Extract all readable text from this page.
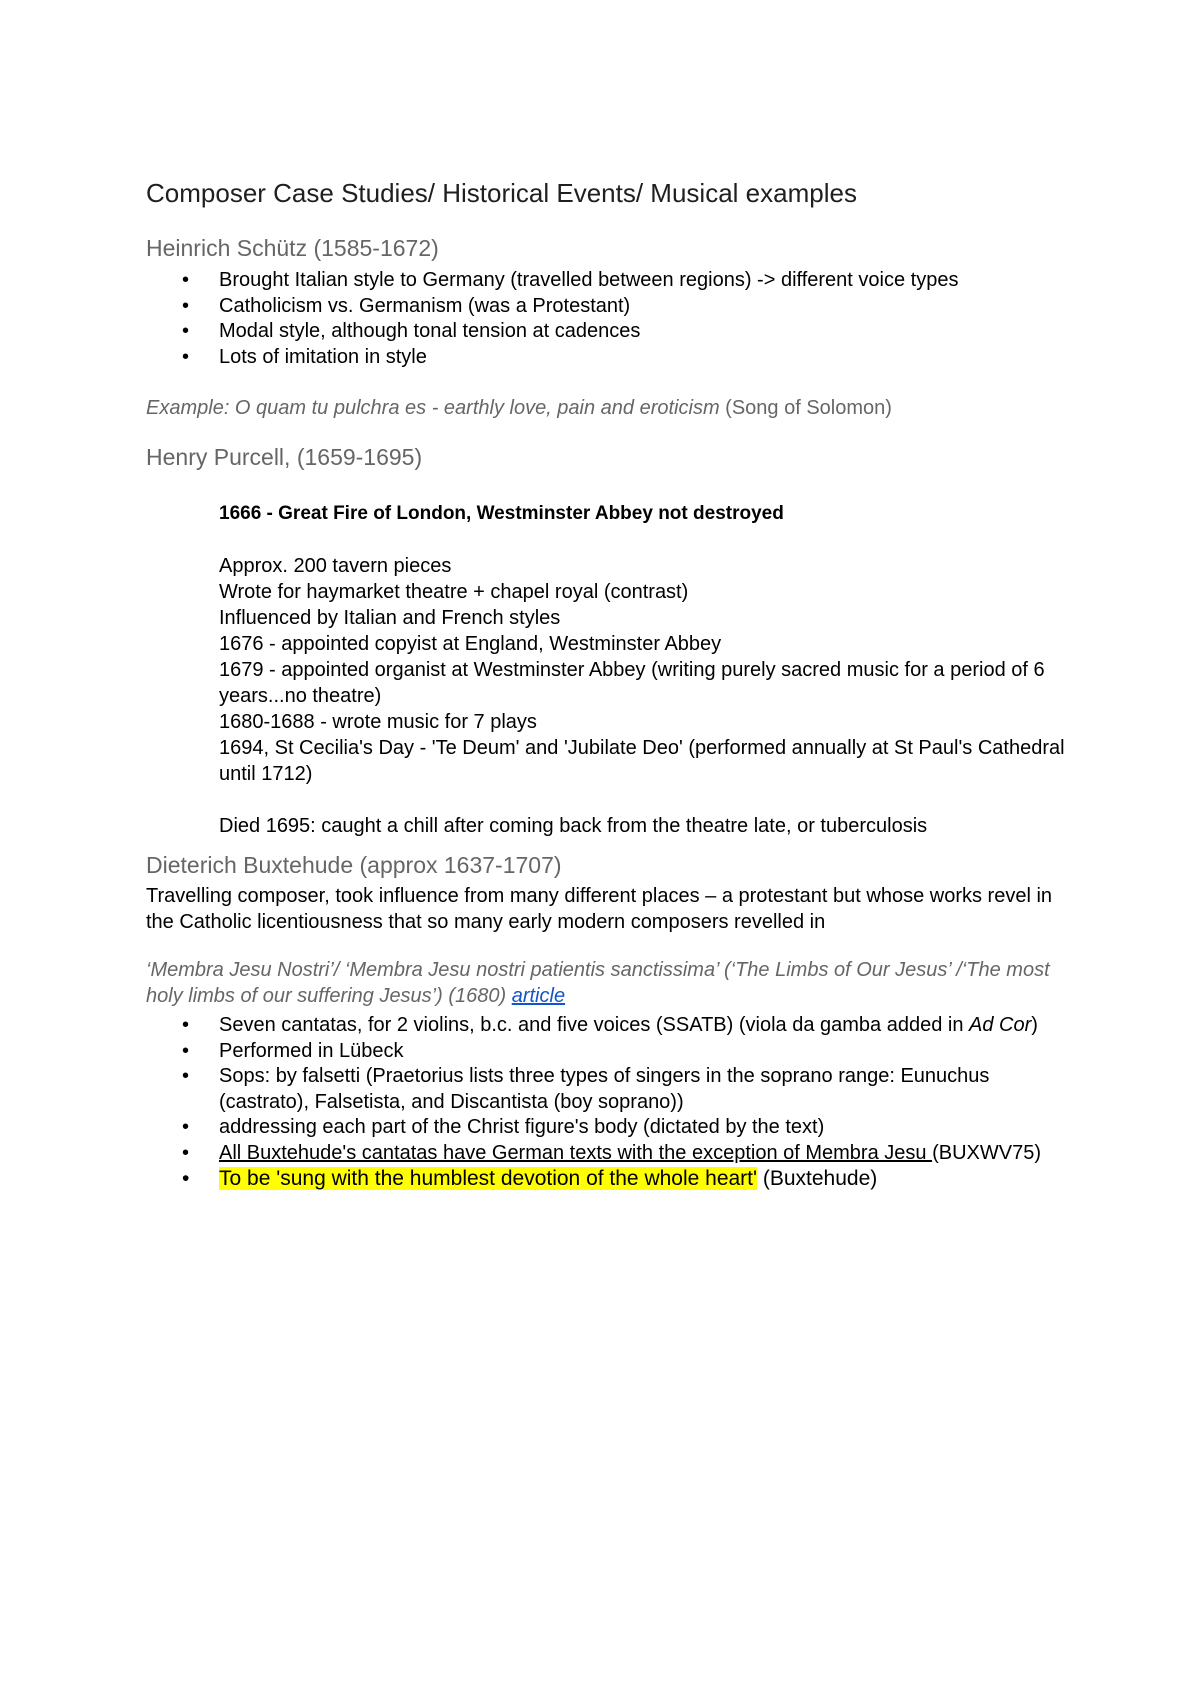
Composer Case Studies/ Historical Events/ Musical examples
Heinrich Schütz (1585-1672)
• Brought Italian style to Germany (travelled between regions) -> different voice types
• Catholicism vs. Germanism (was a Protestant)
• Modal style, although tonal tension at cadences
• Lots of imitation in style

Example: O quam tu pulchra es - earthly love, pain and eroticism (Song of Solomon)

Henry Purcell, (1659-1695)
1666 - Great Fire of London, Westminster Abbey not destroyed
Approx. 200 tavern pieces
Wrote for haymarket theatre + chapel royal (contrast)
Influenced by Italian and French styles
1676 - appointed copyist at England, Westminster Abbey
1679 - appointed organist at Westminster Abbey (writing purely sacred music for a period of 6 years...no theatre)
1680-1688 - wrote music for 7 plays
1694, St Cecilia's Day - 'Te Deum' and 'Jubilate Deo' (performed annually at St Paul's Cathedral until 1712)
Died 1695: caught a chill after coming back from the theatre late, or tuberculosis
Dieterich Buxtehude (approx 1637-1707)

Travelling composer, took influence from many different places – a protestant but whose works revel in the Catholic licentiousness that so many early modern composers revelled in

‘Membra Jesu Nostri’/ ‘Membra Jesu nostri patientis sanctissima’ (‘The Limbs of Our Jesus’ /‘The most holy limbs of our suffering Jesus’) (1680) article

• Seven cantatas, for 2 violins, b.c. and five voices (SSATB) (viola da gamba added in Ad Cor)
• Performed in Lübeck
• Sops: by falsetti (Praetorius lists three types of singers in the soprano range: Eunuchus (castrato), Falsetista, and Discantista (boy soprano))
• addressing each part of the Christ figure's body (dictated by the text)
• All Buxtehude's cantatas have German texts with the exception of Membra Jesu (BUXWV75)
• To be 'sung with the humblest devotion of the whole heart' (Buxtehude)
